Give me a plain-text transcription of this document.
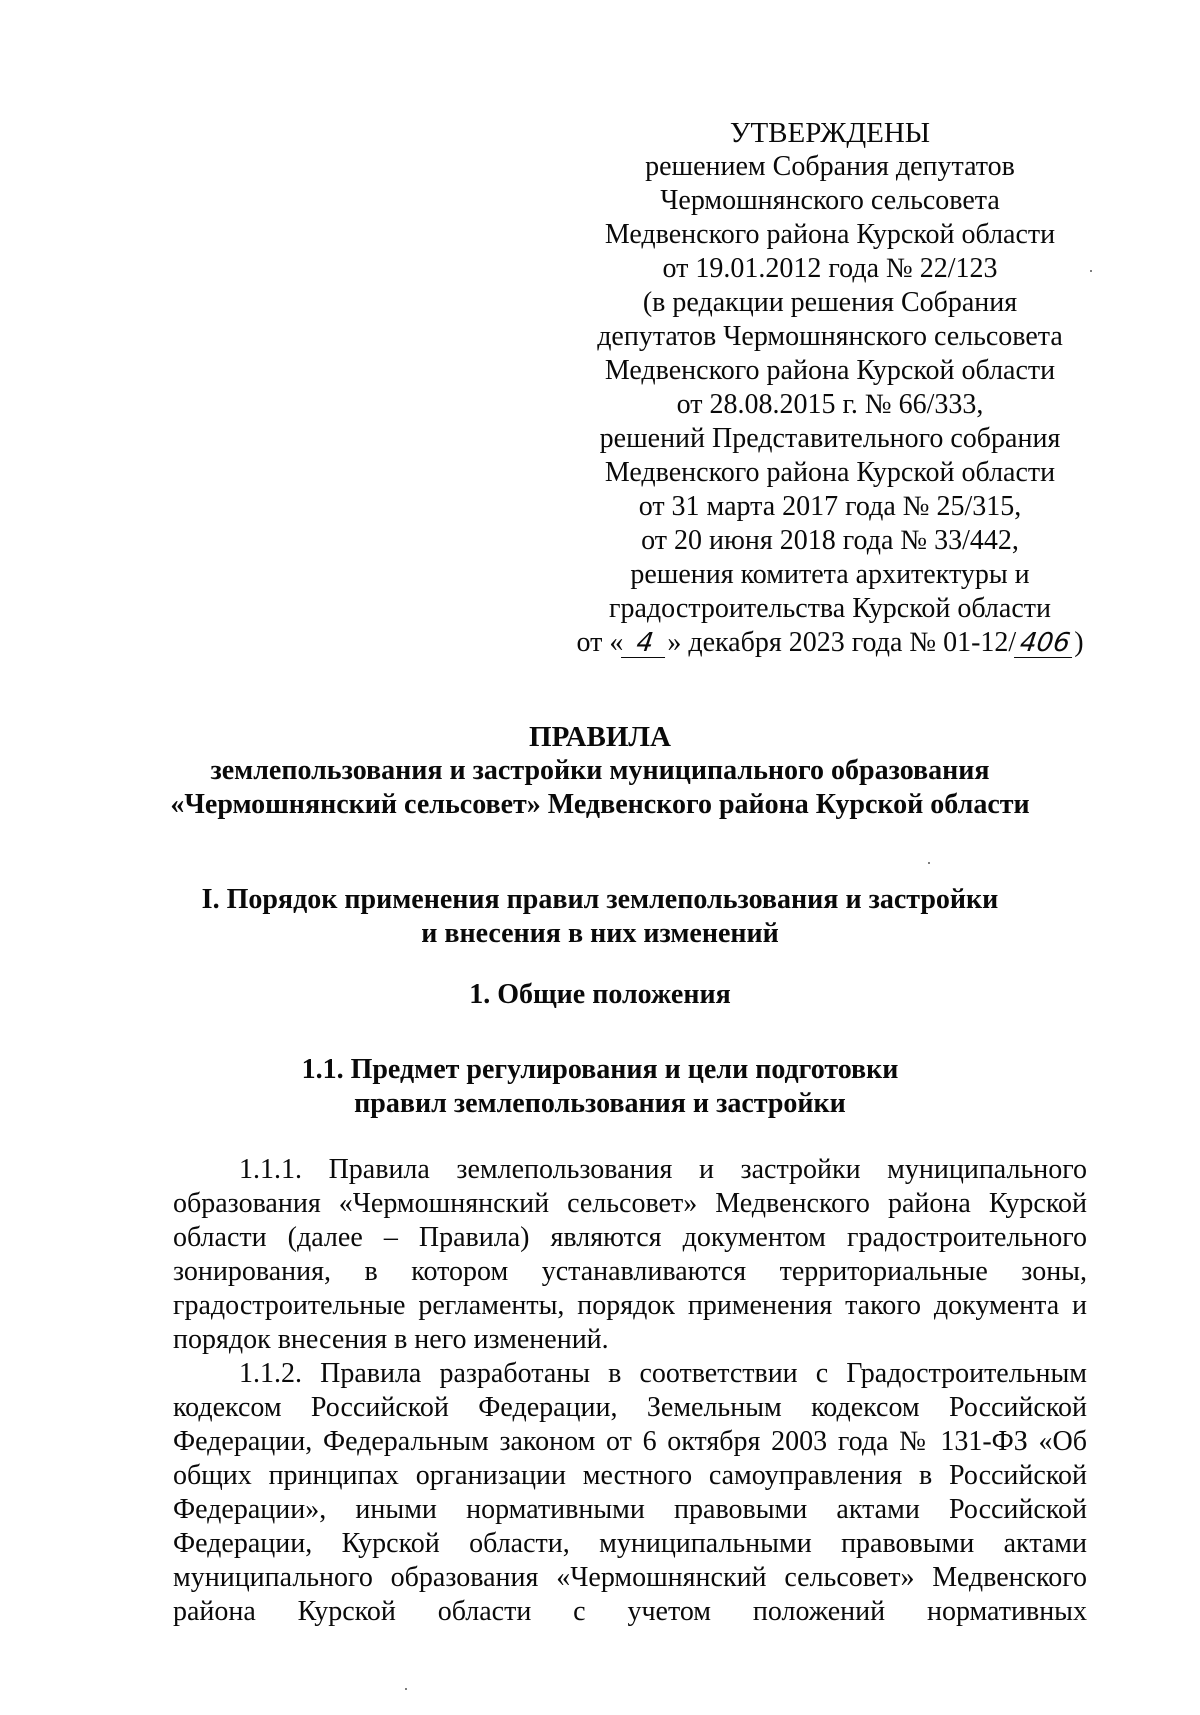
УТВЕРЖДЕНЫ
решением Собрания депутатов
Чермошнянского сельсовета
Медвенского района Курской области
от 19.01.2012 года № 22/123
(в редакции решения Собрания
депутатов Чермошнянского сельсовета
Медвенского района Курской области
от 28.08.2015 г. № 66/333,
решений Представительного собрания
Медвенского района Курской области
от 31 марта 2017 года № 25/315,
от 20 июня 2018 года № 33/442,
решения комитета архитектуры и
градостроительства Курской области
от « 4 » декабря 2023 года № 01-12/406)
ПРАВИЛА
землепользования и застройки муниципального образования
«Чермошнянский сельсовет» Медвенского района Курской области
I. Порядок применения правил землепользования и застройки
и внесения в них изменений
1. Общие положения
1.1. Предмет регулирования и цели подготовки
правил землепользования и застройки

1.1.1. Правила землепользования и застройки муниципального образования «Чермошнянский сельсовет» Медвенского района Курской области (далее – Правила) являются документом градостроительного зонирования, в котором устанавливаются территориальные зоны, градостроительные регламенты, порядок применения такого документа и порядок внесения в него изменений.

1.1.2. Правила разработаны в соответствии с Градостроительным кодексом Российской Федерации, Земельным кодексом Российской Федерации, Федеральным законом от 6 октября 2003 года № 131-ФЗ «Об общих принципах организации местного самоуправления в Российской Федерации», иными нормативными правовыми актами Российской Федерации, Курской области, муниципальными правовыми актами муниципального образования «Чермошнянский сельсовет» Медвенского района Курской области с учетом положений нормативных
